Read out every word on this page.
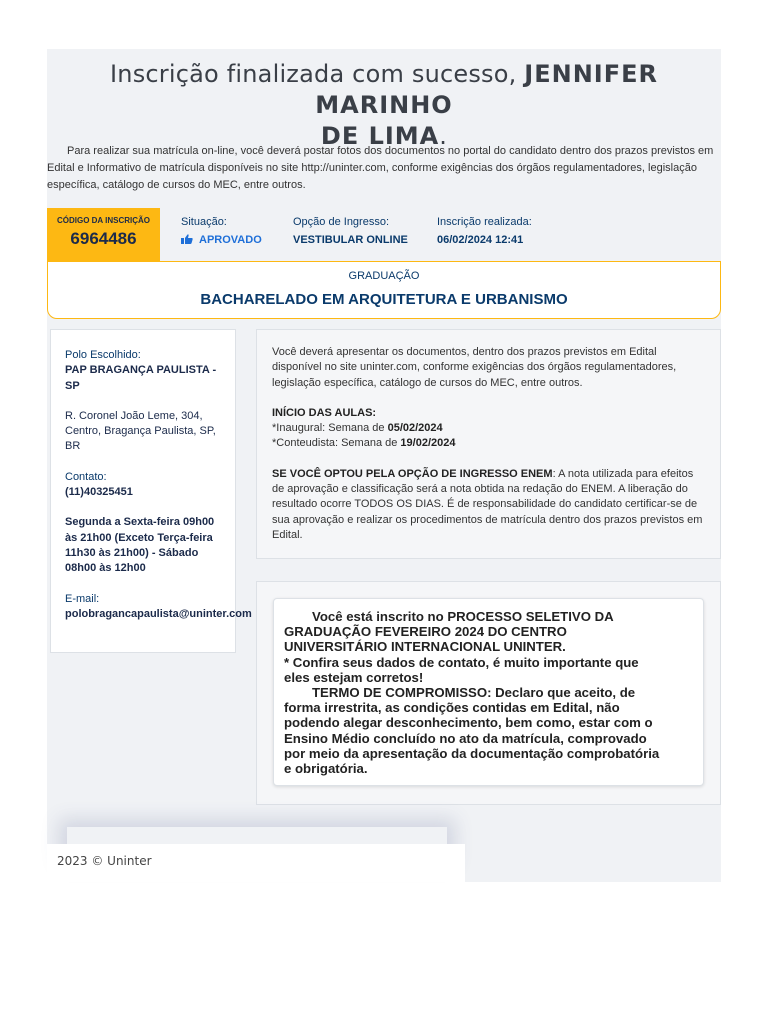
Inscrição finalizada com sucesso, JENNIFER MARINHO
DE LIMA.
Para realizar sua matrícula on-line, você deverá postar fotos dos documentos no portal do candidato dentro dos prazos previstos em Edital e Informativo de matrícula disponíveis no site http://uninter.com, conforme exigências dos órgãos regulamentadores, legislação específica, catálogo de cursos do MEC, entre outros.
CÓDIGO DA INSCRIÇÃO
6964486
Situação:
APROVADO
Opção de Ingresso:
VESTIBULAR ONLINE
Inscrição realizada:
06/02/2024 12:41
GRADUAÇÃO
BACHARELADO EM ARQUITETURA E URBANISMO
Polo Escolhido:
PAP BRAGANÇA PAULISTA -
SP
R. Coronel João Leme, 304,
Centro, Bragança Paulista, SP,
BR
Contato:
(11)40325451
Segunda a Sexta-feira 09h00
às 21h00 (Exceto Terça-feira
11h30 às 21h00) - Sábado
08h00 às 12h00
E-mail:
polobragancapaulista@uninter.com
Você deverá apresentar os documentos, dentro dos prazos previstos em Edital disponível no site uninter.com, conforme exigências dos órgãos regulamentadores, legislação específica, catálogo de cursos do MEC, entre outros.
INÍCIO DAS AULAS:
*Inaugural: Semana de 05/02/2024
*Conteudista: Semana de 19/02/2024
SE VOCÊ OPTOU PELA OPÇÃO DE INGRESSO ENEM: A nota utilizada para efeitos de aprovação e classificação será a nota obtida na redação do ENEM. A liberação do resultado ocorre TODOS OS DIAS. É de responsabilidade do candidato certificar-se de sua aprovação e realizar os procedimentos de matrícula dentro dos prazos previstos em Edital.
Você está inscrito no PROCESSO SELETIVO DA
GRADUAÇÃO FEVEREIRO 2024 DO CENTRO
UNIVERSITÁRIO INTERNACIONAL UNINTER.
* Confira seus dados de contato, é muito importante que
eles estejam corretos!
TERMO DE COMPROMISSO: Declaro que aceito, de
forma irrestrita, as condições contidas em Edital, não
podendo alegar desconhecimento, bem como, estar com o
Ensino Médio concluído no ato da matrícula, comprovado
por meio da apresentação da documentação comprobatória
e obrigatória.
2023 © Uninter
